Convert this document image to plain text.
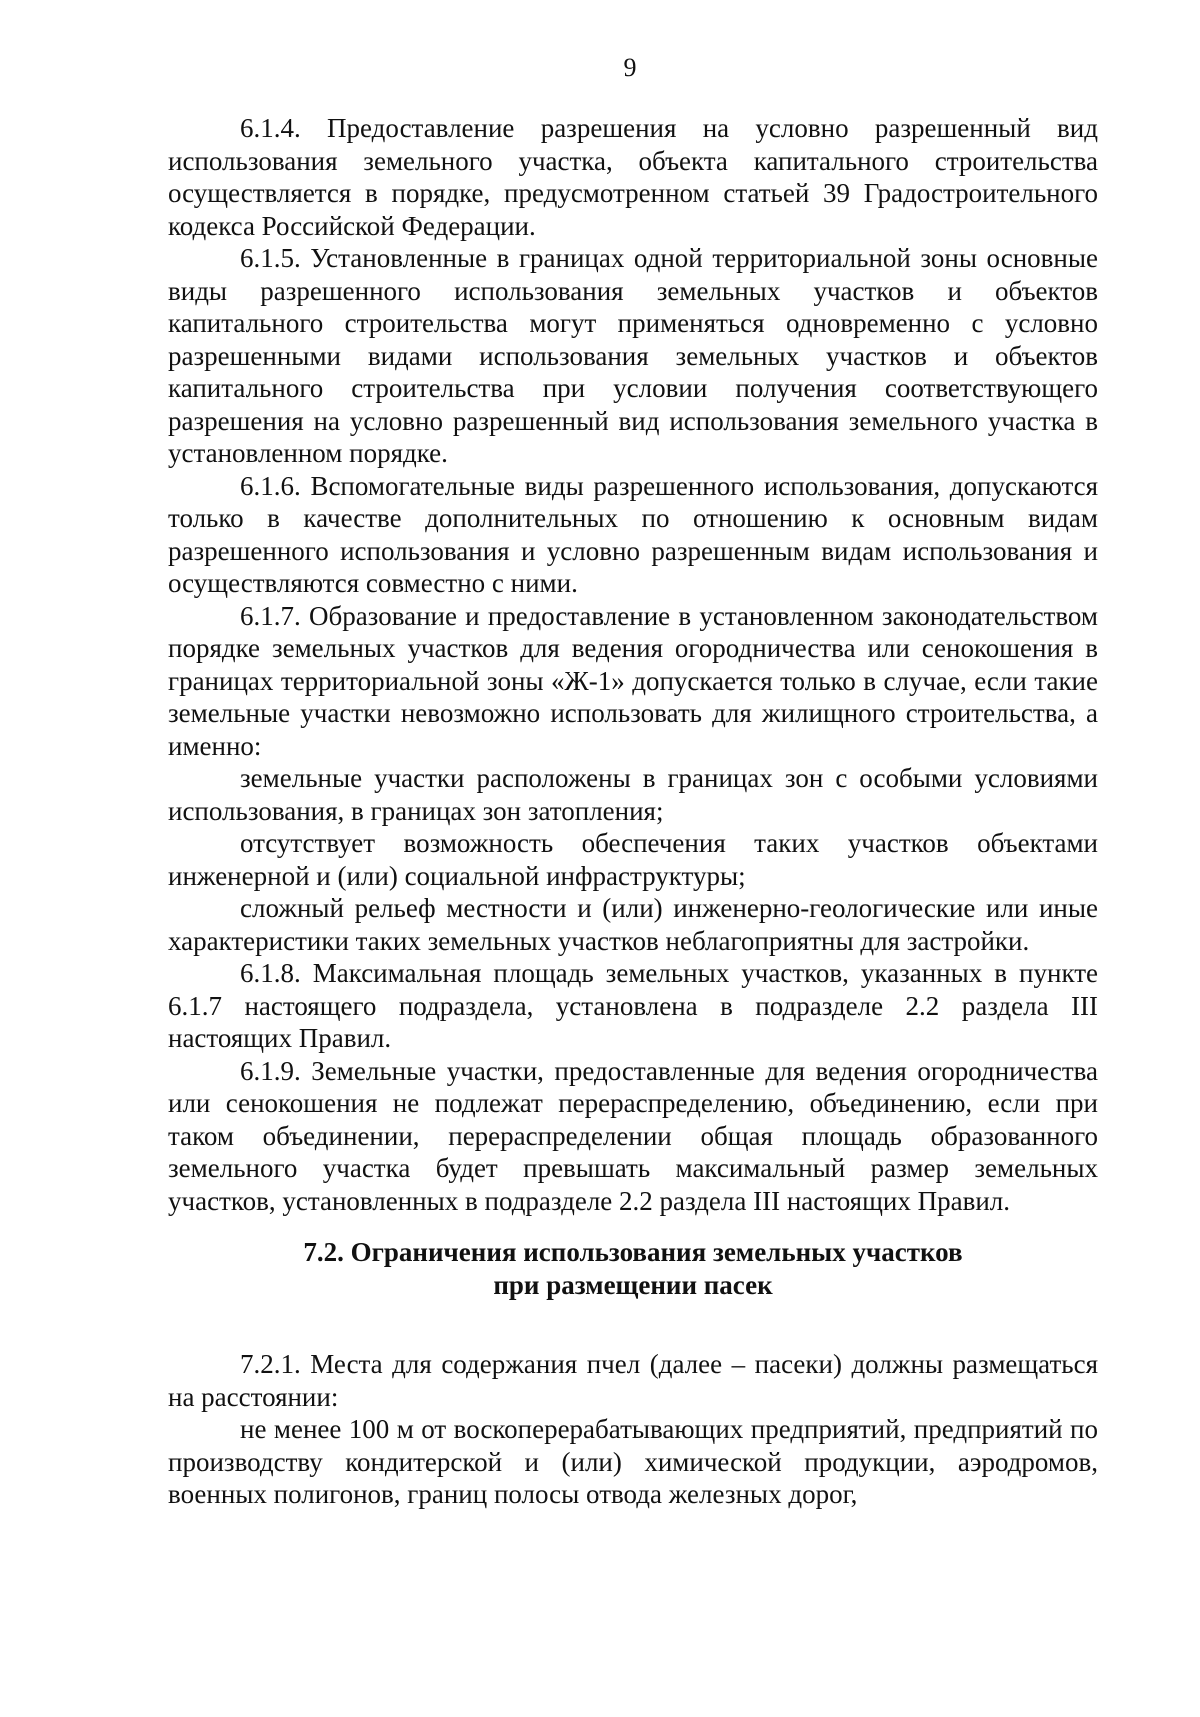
9

6.1.4. Предоставление разрешения на условно разрешенный вид использования земельного участка, объекта капитального строительства осуществляется в порядке, предусмотренном статьей 39 Градостроительного кодекса Российской Федерации.

6.1.5. Установленные в границах одной территориальной зоны основные виды разрешенного использования земельных участков и объектов капитального строительства могут применяться одновременно с условно разрешенными видами использования земельных участков и объектов капитального строительства при условии получения соответствующего разрешения на условно разрешенный вид использования земельного участка в установленном порядке.

6.1.6. Вспомогательные виды разрешенного использования, допускаются только в качестве дополнительных по отношению к основным видам разрешенного использования и условно разрешенным видам использования и осуществляются совместно с ними.

6.1.7. Образование и предоставление в установленном законодательством порядке земельных участков для ведения огородничества или сенокошения в границах территориальной зоны «Ж-1» допускается только в случае, если такие земельные участки невозможно использовать для жилищного строительства, а именно:

земельные участки расположены в границах зон с особыми условиями использования, в границах зон затопления;

отсутствует возможность обеспечения таких участков объектами инженерной и (или) социальной инфраструктуры;

сложный рельеф местности и (или) инженерно-геологические или иные характеристики таких земельных участков неблагоприятны для застройки.

6.1.8. Максимальная площадь земельных участков, указанных в пункте 6.1.7 настоящего подраздела, установлена в подразделе 2.2 раздела III настоящих Правил.

6.1.9. Земельные участки, предоставленные для ведения огородничества или сенокошения не подлежат перераспределению, объединению, если при таком объединении, перераспределении общая площадь образованного земельного участка будет превышать максимальный размер земельных участков, установленных в подразделе 2.2 раздела III настоящих Правил.

7.2. Ограничения использования земельных участков
при размещении пасек

7.2.1. Места для содержания пчел (далее – пасеки) должны размещаться на расстоянии:

не менее 100 м от воскоперерабатывающих предприятий, предприятий по производству кондитерской и (или) химической продукции, аэродромов, военных полигонов, границ полосы отвода железных дорог,
